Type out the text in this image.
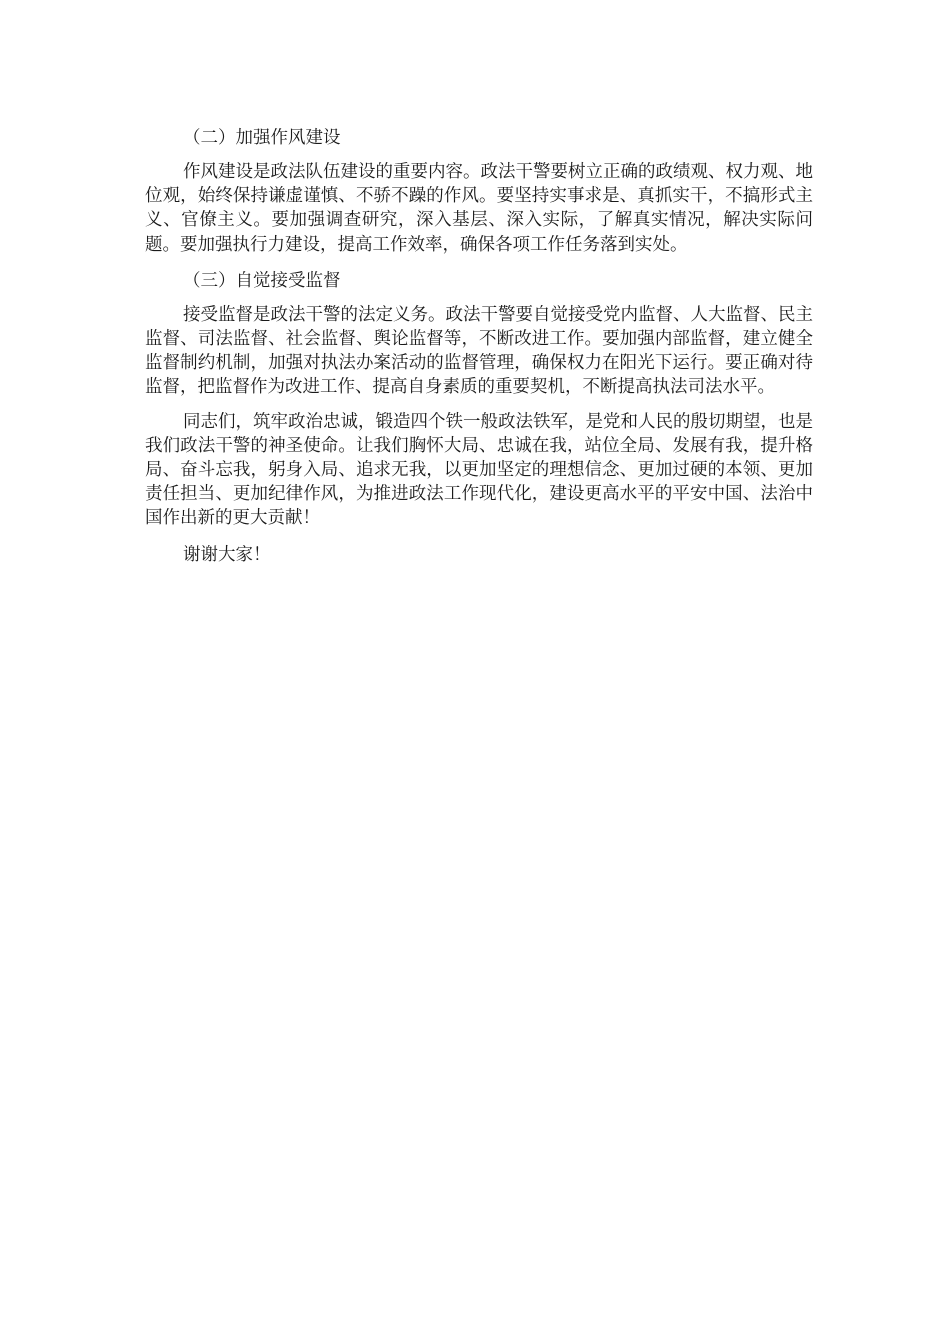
（二）加强作风建设

作风建设是政法队伍建设的重要内容。政法干警要树立正确的政绩观、权力观、地位观，始终保持谦虚谨慎、不骄不躁的作风。要坚持实事求是、真抓实干，不搞形式主义、官僚主义。要加强调查研究，深入基层、深入实际，了解真实情况，解决实际问题。要加强执行力建设，提高工作效率，确保各项工作任务落到实处。

（三）自觉接受监督

接受监督是政法干警的法定义务。政法干警要自觉接受党内监督、人大监督、民主监督、司法监督、社会监督、舆论监督等，不断改进工作。要加强内部监督，建立健全监督制约机制，加强对执法办案活动的监督管理，确保权力在阳光下运行。要正确对待监督，把监督作为改进工作、提高自身素质的重要契机，不断提高执法司法水平。

同志们，筑牢政治忠诚，锻造四个铁一般政法铁军，是党和人民的殷切期望，也是我们政法干警的神圣使命。让我们胸怀大局、忠诚在我，站位全局、发展有我，提升格局、奋斗忘我，躬身入局、追求无我，以更加坚定的理想信念、更加过硬的本领、更加责任担当、更加纪律作风，为推进政法工作现代化，建设更高水平的平安中国、法治中国作出新的更大贡献！

谢谢大家！
